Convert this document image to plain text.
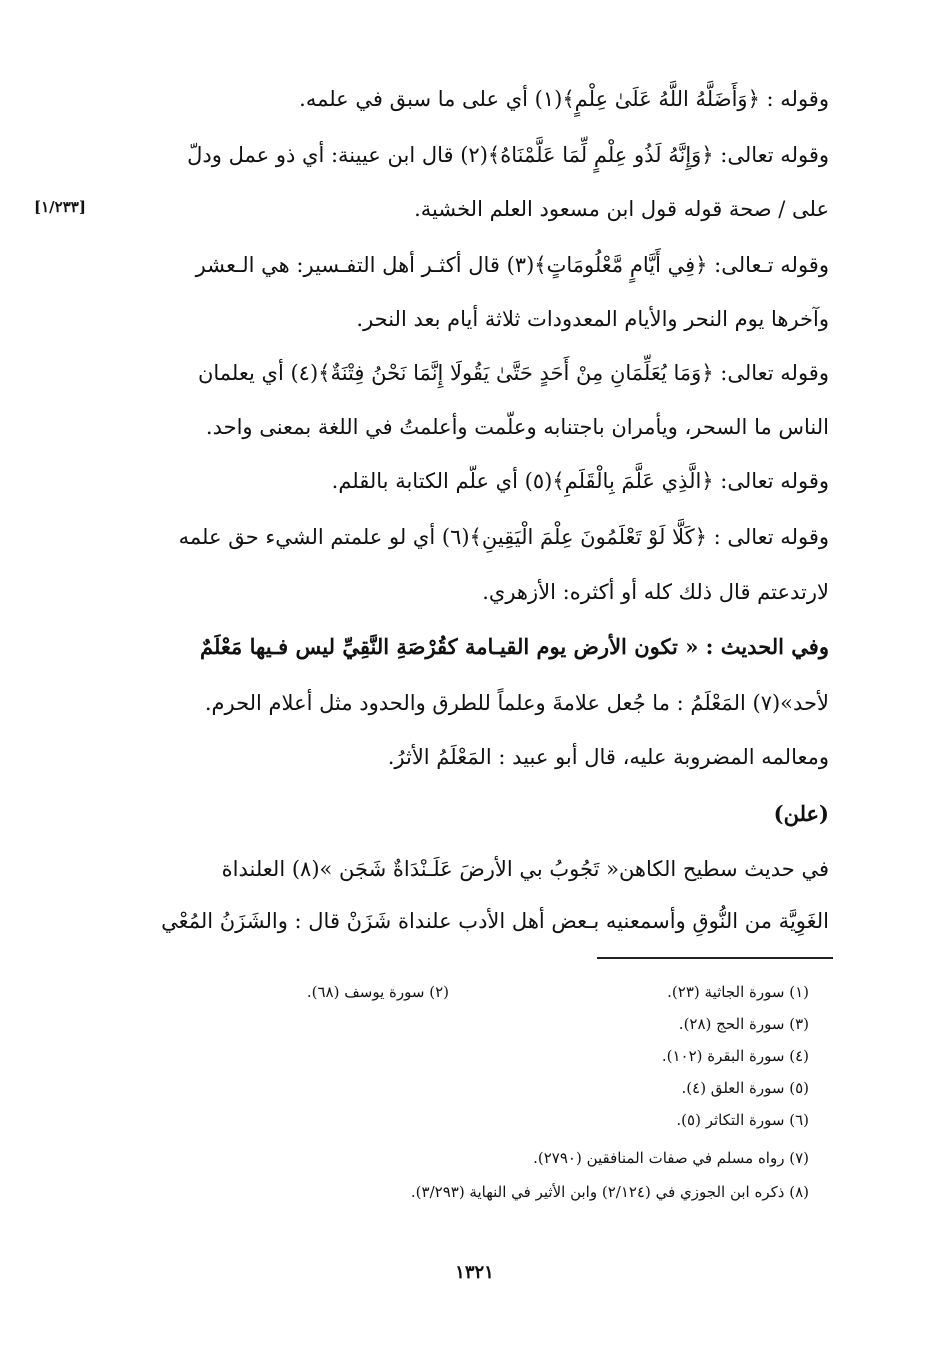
وقوله : ﴿وَأَضَلَّهُ اللَّهُ عَلَىٰ عِلْمٍ﴾(١) أي على ما سبق في علمه.
وقوله تعالى: ﴿وَإِنَّهُ لَذُو عِلْمٍ لِّمَا عَلَّمْنَاهُ﴾(٢) قال ابن عيينة: أي ذو عمل ودلّ
على / صحة قوله قول ابن مسعود العلم الخشية.
[١/٢٣٣]
وقوله تـعالى: ﴿فِي أَيَّامٍ مَّعْلُومَاتٍ﴾(٣) قال أكثـر أهل التفـسير: هي الـعشر
وآخرها يوم النحر والأيام المعدودات ثلاثة أيام بعد النحر.
وقوله تعالى: ﴿وَمَا يُعَلِّمَانِ مِنْ أَحَدٍ حَتَّىٰ يَقُولَا إِنَّمَا نَحْنُ فِتْنَةٌ﴾(٤) أي يعلمان
الناس ما السحر، ويأمران باجتنابه وعلّمت وأعلمتُ في اللغة بمعنى واحد.
وقوله تعالى: ﴿الَّذِي عَلَّمَ بِالْقَلَمِ﴾(٥) أي علّم الكتابة بالقلم.
وقوله تعالى : ﴿كَلَّا لَوْ تَعْلَمُونَ عِلْمَ الْيَقِينِ﴾(٦) أي لو علمتم الشيء حق علمه
لارتدعتم قال ذلك كله أو أكثره: الأزهري.
وفي الحديث : « تكون الأرض يوم القيـامة كقُرْصَةِ النَّقِيِّ ليس فـيها مَعْلَمٌ
لأحد»(٧) المَعْلَمُ : ما جُعل علامةَ وعلماً للطرق والحدود مثل أعلام الحرم.
ومعالمه المضروبة عليه، قال أبو عبيد : المَعْلَمُ الأثرُ.
(علن)
في حديث سطيح الكاهن« تَجُوبُ بي الأرضَ عَلَـنْدَاةٌ شَجَن »(٨) العلنداة
الغَوِيَّة من النُّوقِ وأسمعنيه بـعض أهل الأدب علنداة شَزَنْ قال : والشَزَنُ المُعْي
(١) سورة الجاثية (٢٣).
(٢) سورة يوسف (٦٨).
(٣) سورة الحج (٢٨).
(٤) سورة البقرة (١٠٢).
(٥) سورة العلق (٤).
(٦) سورة التكاثر (٥).
(٧) رواه مسلم في صفات المنافقين (٢٧٩٠).
(٨) ذكره ابن الجوزي في (٢/١٢٤) وابن الأثير في النهاية (٣/٢٩٣).
١٣٢١
